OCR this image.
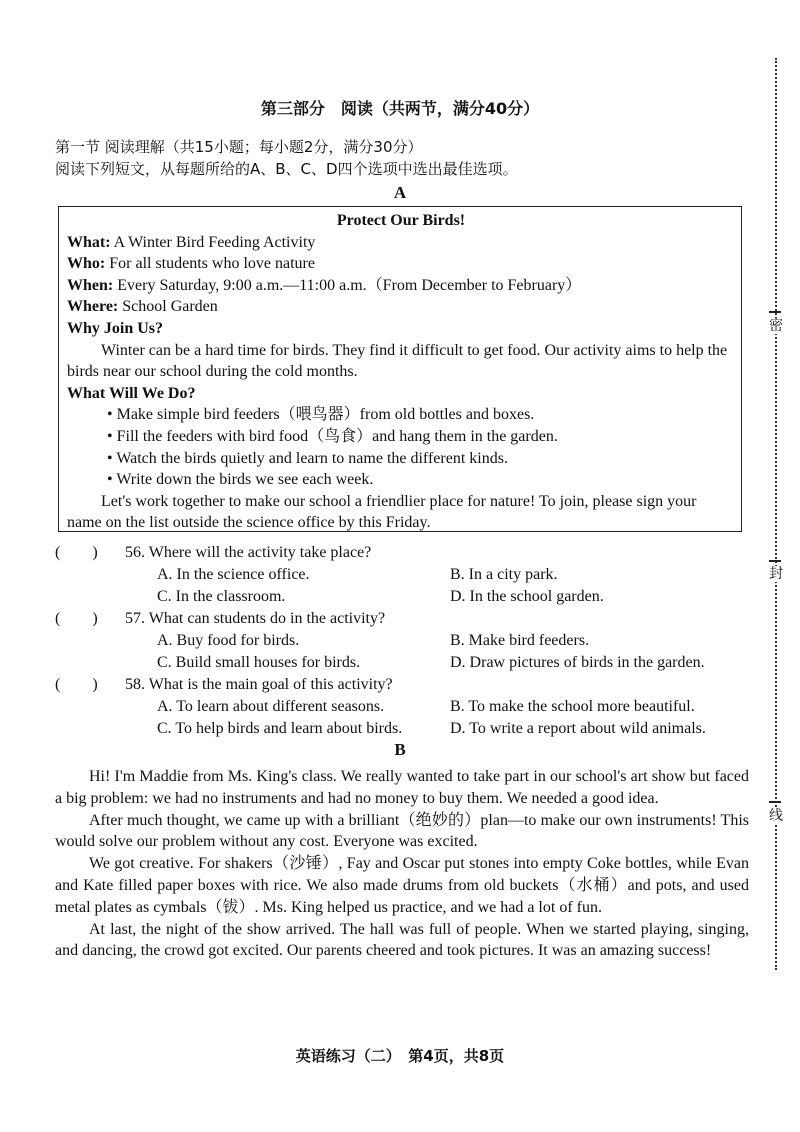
密
封
线
第三部分　阅读（共两节，满分40分）
第一节 阅读理解（共15小题；每小题2分，满分30分）
阅读下列短文，从每题所给的A、B、C、D四个选项中选出最佳选项。
A
Protect Our Birds!
What: A Winter Bird Feeding Activity
Who: For all students who love nature
When: Every Saturday, 9:00 a.m.—11:00 a.m.（From December to February）
Where: School Garden
Why Join Us?
Winter can be a hard time for birds. They find it difficult to get food. Our activity aims to help the birds near our school during the cold months.
What Will We Do?
• Make simple bird feeders（喂鸟器）from old bottles and boxes.
• Fill the feeders with bird food（鸟食）and hang them in the garden.
• Watch the birds quietly and learn to name the different kinds.
• Write down the birds we see each week.
Let's work together to make our school a friendlier place for nature! To join, please sign your name on the list outside the science office by this Friday.
(　　) 56. Where will the activity take place?
A. In the science office.	B. In a city park.
C. In the classroom.	D. In the school garden.
(　　) 57. What can students do in the activity?
A. Buy food for birds.	B. Make bird feeders.
C. Build small houses for birds.	D. Draw pictures of birds in the garden.
(　　) 58. What is the main goal of this activity?
A. To learn about different seasons.	B. To make the school more beautiful.
C. To help birds and learn about birds.	D. To write a report about wild animals.
B

Hi! I'm Maddie from Ms. King's class. We really wanted to take part in our school's art show but faced a big problem: we had no instruments and had no money to buy them. We needed a good idea.

After much thought, we came up with a brilliant（绝妙的）plan—to make our own instruments! This would solve our problem without any cost. Everyone was excited.

We got creative. For shakers（沙锤）, Fay and Oscar put stones into empty Coke bottles, while Evan and Kate filled paper boxes with rice. We also made drums from old buckets（水桶）and pots, and used metal plates as cymbals（钹）. Ms. King helped us practice, and we had a lot of fun.

At last, the night of the show arrived. The hall was full of people. When we started playing, singing, and dancing, the crowd got excited. Our parents cheered and took pictures. It was an amazing success!

英语练习（二）　第4页，共8页
